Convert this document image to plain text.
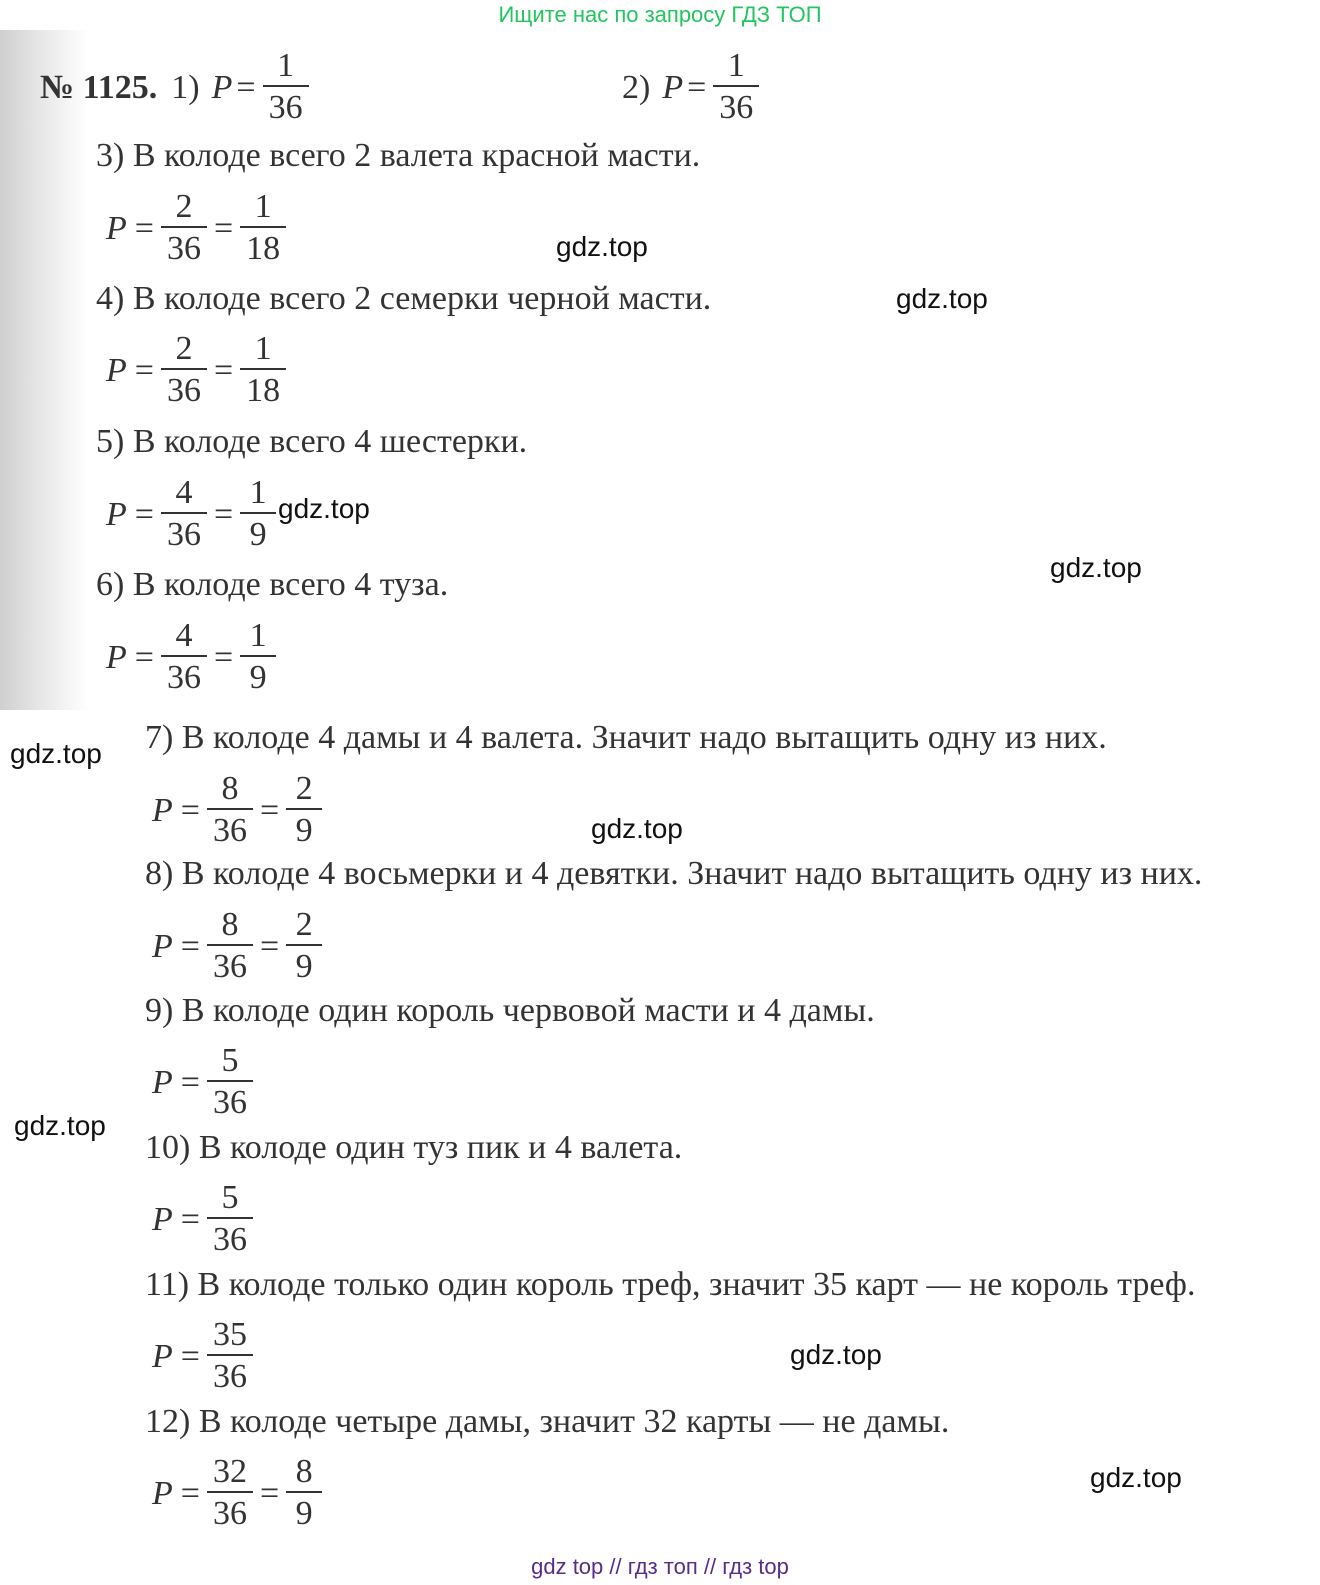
Ищите нас по запросу ГДЗ ТОП
№ 1125. 1) $P = \frac{1}{36}$	2) $P = \frac{1}{36}$
3) В колоде всего 2 валета красной масти.
$P = \frac{2}{36} = \frac{1}{18}$
4) В колоде всего 2 семерки черной масти.
$P = \frac{2}{36} = \frac{1}{18}$
5) В колоде всего 4 шестерки.
$P = \frac{4}{36} = \frac{1}{9}$
6) В колоде всего 4 туза.
$P = \frac{4}{36} = \frac{1}{9}$
7) В колоде 4 дамы и 4 валета. Значит надо вытащить одну из них.
$P = \frac{8}{36} = \frac{2}{9}$
8) В колоде 4 восьмерки и 4 девятки. Значит надо вытащить одну из них.
$P = \frac{8}{36} = \frac{2}{9}$
9) В колоде один король червовой масти и 4 дамы.
$P = \frac{5}{36}$
10) В колоде один туз пик и 4 валета.
$P = \frac{5}{36}$
11) В колоде только один король треф, значит 35 карт — не король треф.
$P = \frac{35}{36}$
12) В колоде четыре дамы, значит 32 карты — не дамы.
$P = \frac{32}{36} = \frac{8}{9}$
gdz.top
gdz.top
gdz.top
gdz.top
gdz.top
gdz.top
gdz.top
gdz.top
gdz.top
gdz top // гдз топ // гдз top
